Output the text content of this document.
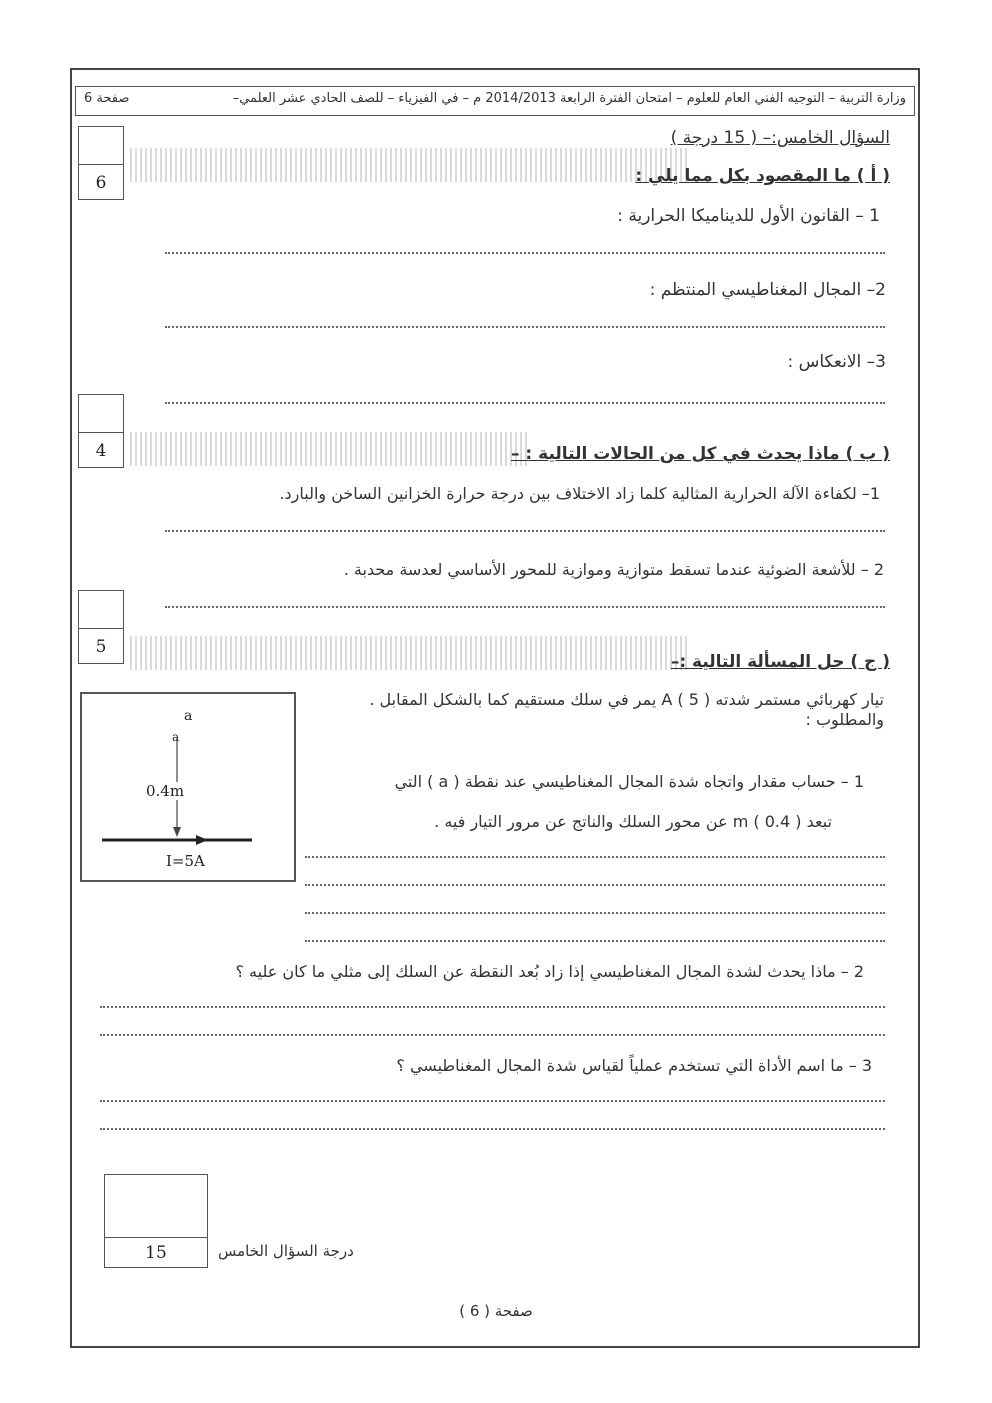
وزارة التربية – التوجيه الفني العام للعلوم – امتحان الفترة الرابعة 2014/2013 م – في الفيزياء – للصف الحادي عشر العلمي–
صفحة 6
السؤال الخامس:– ( 15 درجة )
6	( أ ) ما المقصود بكل مما يلي :
1 – القانون الأول للديناميكا الحرارية :
2– المجال المغناطيسي المنتظم :
3– الانعكاس :
4	( ب ) ماذا يحدث في كل من الحالات التالية : –
1– لكفاءة الآلة الحرارية المثالية كلما زاد الاختلاف بين درجة حرارة الخزانين الساخن والبارد.
2 – للأشعة الضوئية عندما تسقط متوازية وموازية للمحور الأساسي لعدسة محدبة .
5
( ج ) حل المسألة التالية :–
تيار كهربائي مستمر شدته A ( 5 ) يمر في سلك مستقيم كما بالشكل المقابل .
والمطلوب :
1 – حساب مقدار واتجاه شدة المجال المغناطيسي عند نقطة ( a ) التي
تبعد m ( 0.4 ) عن محور السلك والناتج عن مرور التيار فيه .
a
a
0.4m
I=5A
2 – ماذا يحدث لشدة المجال المغناطيسي إذا زاد بُعد النقطة عن السلك إلى مثلي ما كان عليه ؟
3 – ما اسم الأداة التي تستخدم عملياً لقياس شدة المجال المغناطيسي ؟
15	درجة السؤال الخامس
صفحة ( 6 )
